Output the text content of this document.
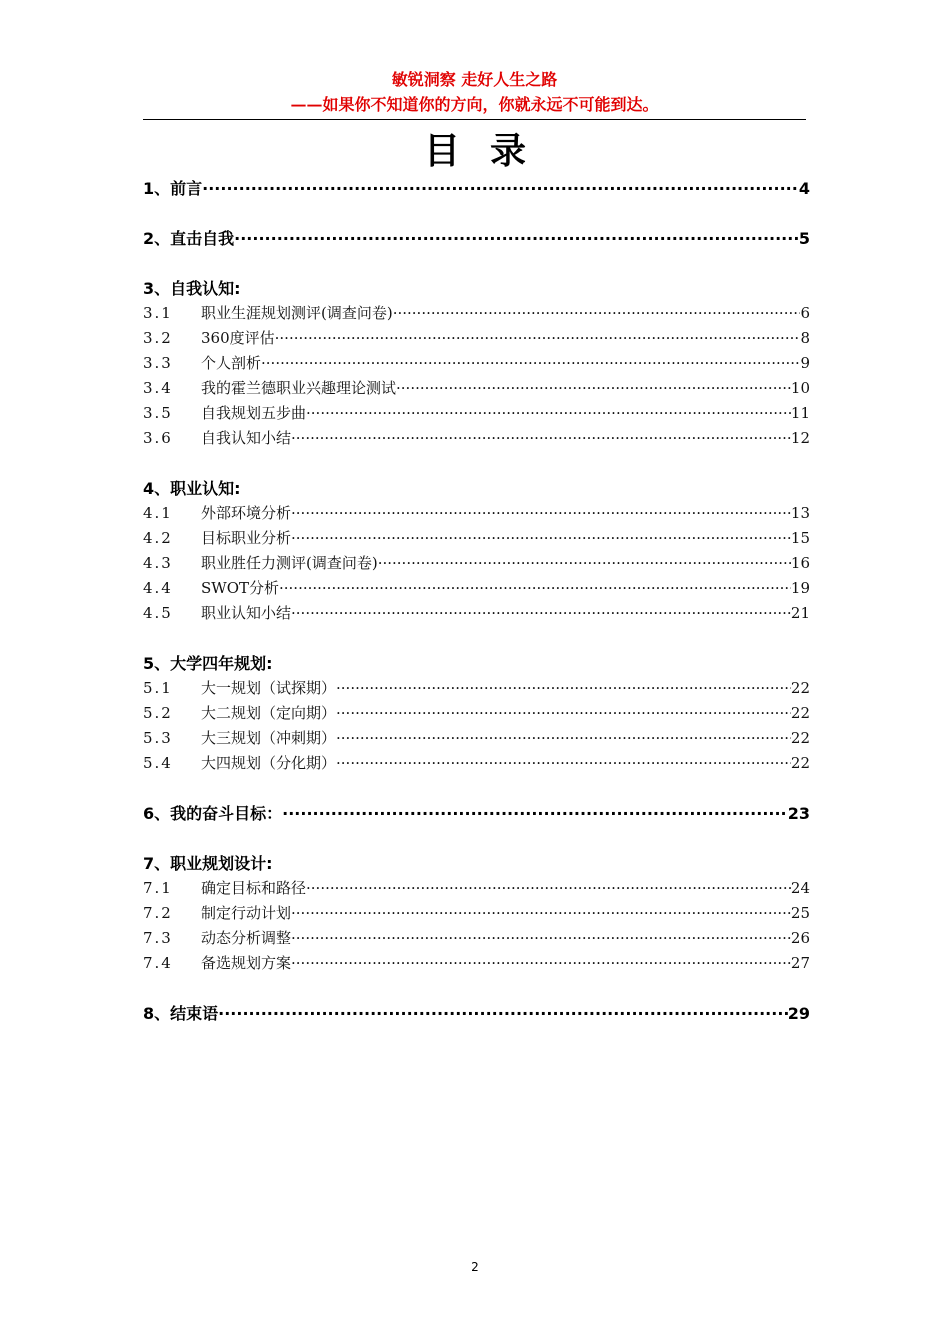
敏锐洞察 走好人生之路
——如果你不知道你的方向，你就永远不可能到达。
目录
1、前言 ·····	4
2、直击自我 ·····	5
3、自我认知:
3.1	职业生涯规划测评(调查问卷) ·····	6
3.2	360度评估 ·····	8
3.3	个人剖析 ·····	9
3.4	我的霍兰德职业兴趣理论测试 ·····	10
3.5	自我规划五步曲 ·····	11
3.6	自我认知小结 ·····	12
4、职业认知:
4.1	外部环境分析 ·····	13
4.2	目标职业分析 ·····	15
4.3	职业胜任力测评(调查问卷) ·····	16
4.4	SWOT分析 ·····	19
4.5	职业认知小结 ·····	21
5、大学四年规划:
5.1	大一规划（试探期） ·····	22
5.2	大二规划（定向期） ·····	22
5.3	大三规划（冲刺期） ·····	22
5.4	大四规划（分化期） ·····	22
6、我的奋斗目标： ·····	23
7、职业规划设计:
7.1	确定目标和路径 ·····	24
7.2	制定行动计划 ·····	25
7.3	动态分析调整 ·····	26
7.4	备选规划方案 ·····	27
8、结束语 ·····	29
2
